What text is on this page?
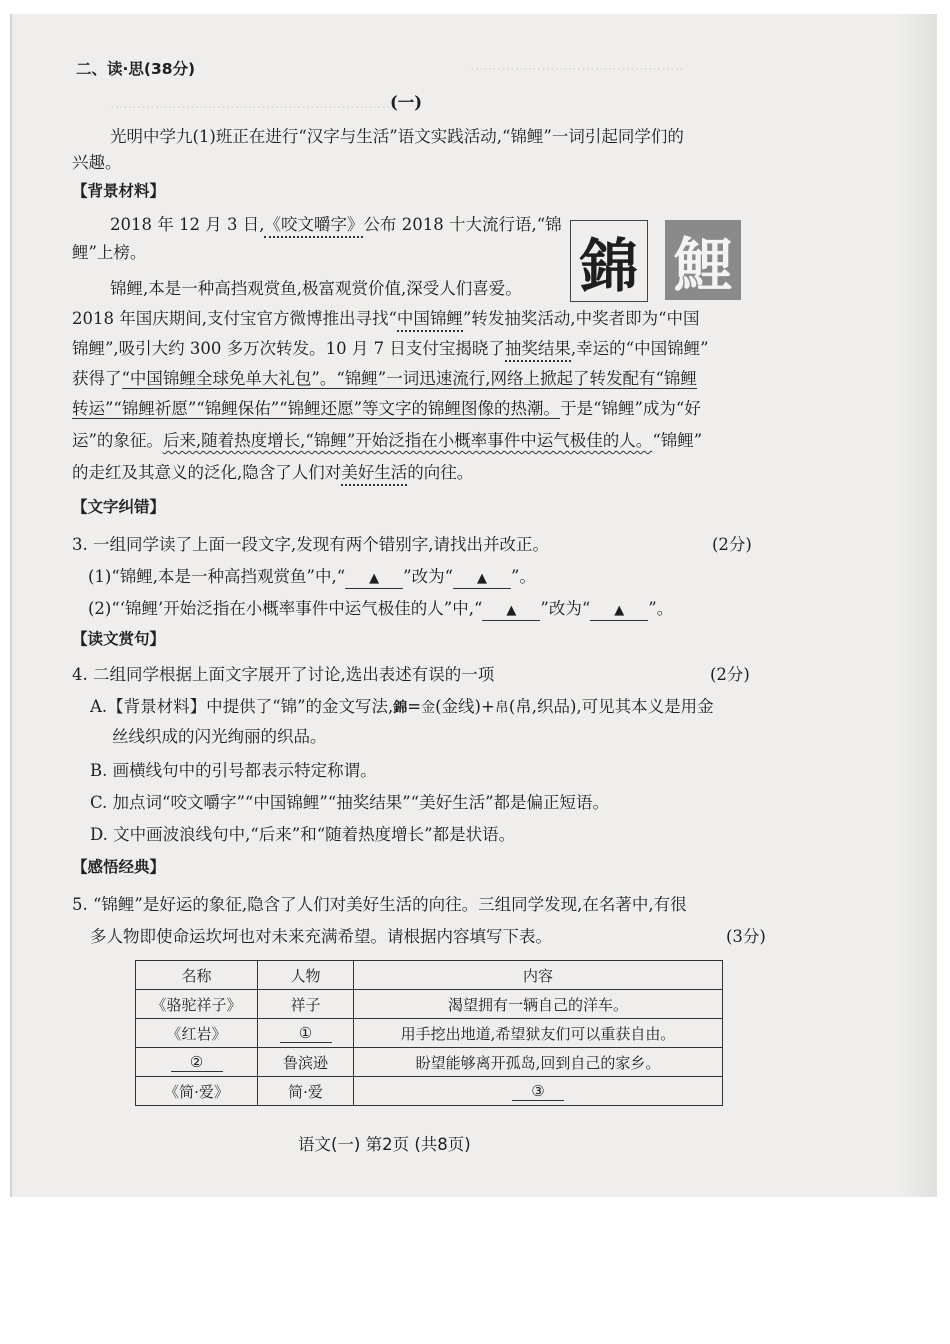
················································
································································
二、读·思(38分)
(一)
光明中学九(1)班正在进行“汉字与生活”语文实践活动,“锦鲤”一词引起同学们的
兴趣。
【背景材料】
2018 年 12 月 3 日,《咬文嚼字》公布 2018 十大流行语,“锦
鲤”上榜。	錦 鯉
锦鲤,本是一种高挡观赏鱼,极富观赏价值,深受人们喜爱。
2018 年国庆期间,支付宝官方微博推出寻找“中国锦鲤”转发抽奖活动,中奖者即为“中国
锦鲤”,吸引大约 300 多万次转发。10 月 7 日支付宝揭晓了抽奖结果,幸运的“中国锦鲤”
获得了“中国锦鲤全球免单大礼包”。“锦鲤”一词迅速流行,网络上掀起了转发配有“锦鲤
转运”“锦鲤祈愿”“锦鲤保佑”“锦鲤还愿”等文字的锦鲤图像的热潮。于是“锦鲤”成为“好
运”的象征。后来,随着热度增长,“锦鲤”开始泛指在小概率事件中运气极佳的人。“锦鲤”
的走红及其意义的泛化,隐含了人们对美好生活的向往。
【文字纠错】
3. 一组同学读了上面一段文字,发现有两个错别字,请找出并改正。	(2分)
(1)“锦鲤,本是一种高挡观赏鱼”中,“ ▲ ”改为“ ▲ ”。
(2)“‘锦鲤’开始泛指在小概率事件中运气极佳的人”中,“ ▲ ”改为“ ▲ ”。
【读文赏句】
4. 二组同学根据上面文字展开了讨论,选出表述有误的一项	(2分)
A.【背景材料】中提供了“锦”的金文写法,錦=金(金线)+帛(帛,织品),可见其本义是用金
丝线织成的闪光绚丽的织品。
B. 画横线句中的引号都表示特定称谓。
C. 加点词“咬文嚼字”“中国锦鲤”“抽奖结果”“美好生活”都是偏正短语。
D. 文中画波浪线句中,“后来”和“随着热度增长”都是状语。
【感悟经典】
5. “锦鲤”是好运的象征,隐含了人们对美好生活的向往。三组同学发现,在名著中,有很
多人物即使命运坎坷也对未来充满希望。请根据内容填写下表。	(3分)
名称	人物	内容
《骆驼祥子》	祥子	渴望拥有一辆自己的洋车。
《红岩》	①	用手挖出地道,希望狱友们可以重获自由。
②	鲁滨逊	盼望能够离开孤岛,回到自己的家乡。
《简·爱》	简·爱	③
语文(一) 第2页 (共8页)
